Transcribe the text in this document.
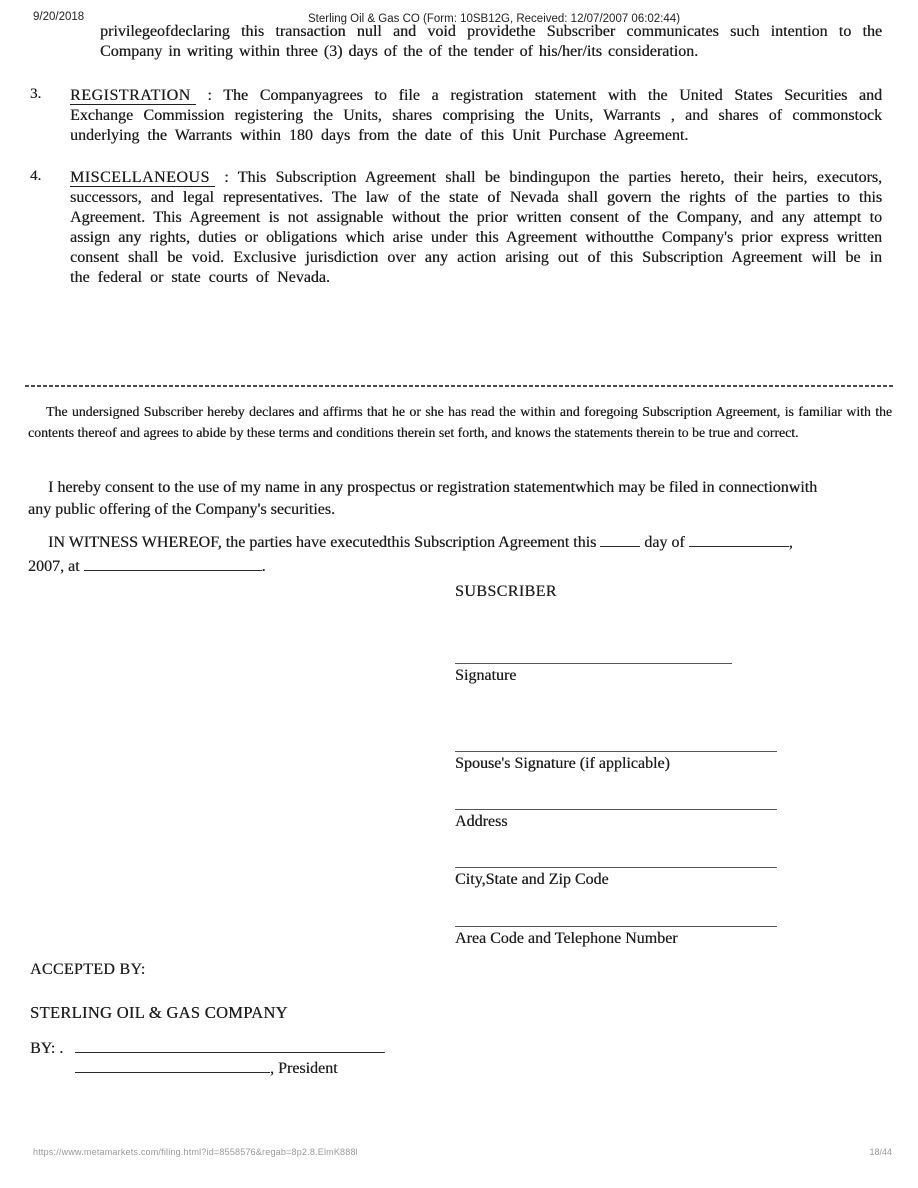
9/20/2018	Sterling Oil & Gas CO (Form: 10SB12G, Received: 12/07/2007 06:02:44)
privilegeofdeclaring this transaction null and void providethe Subscriber communicates such intention to the Company in writing within three (3) days of the of the tender of his/her/its consideration.
3.	REGISTRATION : The Companyagrees to file a registration statement with the United States Securities and Exchange Commission registering the Units, shares comprising the Units, Warrants , and shares of commonstock underlying the Warrants within 180 days from the date of this Unit Purchase Agreement.
4.	MISCELLANEOUS : This Subscription Agreement shall be bindingupon the parties hereto, their heirs, executors, successors, and legal representatives. The law of the state of Nevada shall govern the rights of the parties to this Agreement. This Agreement is not assignable without the prior written consent of the Company, and any attempt to assign any rights, duties or obligations which arise under this Agreement withoutthe Company's prior express written consent shall be void. Exclusive jurisdiction over any action arising out of this Subscription Agreement will be in the federal or state courts of Nevada.
The undersigned Subscriber hereby declares and affirms that he or she has read the within and foregoing Subscription Agreement, is familiar with the contents thereof and agrees to abide by these terms and conditions therein set forth, and knows the statements therein to be true and correct.
I hereby consent to the use of my name in any prospectus or registration statementwhich may be filed in connectionwith any public offering of the Company's securities.
IN WITNESS WHEREOF, the parties have executedthis Subscription Agreement this	day of	,
2007, at	.
SUBSCRIBER
Signature
Spouse's Signature (if applicable)
Address
City,State and Zip Code
Area Code and Telephone Number
ACCEPTED BY:
STERLING OIL & GAS COMPANY
BY: .
, President
https://www.metamarkets.com/filing.html?id=8558576&regab=8p2.8.ElmK888l	18/44
